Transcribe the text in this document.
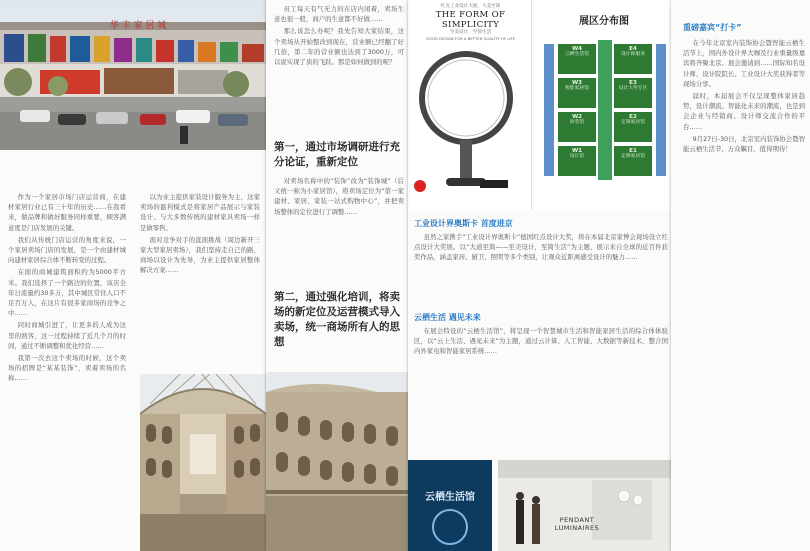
华 丰 家 居 城

作为一个家居市场门店运营商，在建材家居行业已有三十年的历史……在我看来，做品牌和做好服务同样重要，顾客满意度是门店发展的关键。

我们从传统门店运营的角度来说，一个家居卖场门店的发展，是一个由建材城向建材家居综合体不断转变的过程。

在面的商城建筑面积约为5000平方米。我们选择了一个路边的位置，该店全年日流量约30多万，其中城区常住人口不足百万人，在这片有很多家商场的竞争之中……

同时商城引进了，让更多的人成为这里的熟客，这一过程持续了近几个月的时间，通过不断调整和优化经营……

我第一次去这个卖场的时候，这个卖场的招牌是“某某装饰”，卖着卖场的名称……

以为业主提供家装设计服务为主，这家卖场的盈利模式是将家居产品展示与家装设计、与大多数传统的建材家具卖场一样是做零售。

面对竞争对手的直面挑战（周边新开三家大型家居卖场），我们坚持走自己的路，商场以设计为先导，为业主提供家居整体解决方案……

员工每天有气无力的在店内闲着，卖场生意也很一般，商户的生意都不好做……

那么该怎么办呢？我先告知大家结果，这个卖场从开始整改到现在，营业额已经翻了好几倍，第二年的营业额也达到了3000万，可以说实现了质的飞跃。那是如何做到的呢？

第一，通过市场调研进行充分论证，重新定位

对卖场名称中的“装饰”改为“装饰城”（后又统一称为小家居馆），将卖场定位为“第一家建材、家居、家装一站式购物中心”，并把卖场整体的定位进行了调整……

第二，通过强化培训，将卖场的新定位及运营模式导入卖场，统一商场所有人的思想
红点工业设计大展、大美至简
THE FORM OF SIMPLICITY
至美设计，至简生活
GOOD DESIGN FOR A BETTER QUALITY OF LIFE
展区分布图
W4
云栖生活馆
W3
智能家居馆
W2
软装馆
W1
设计馆
E4
设计师服务
E3
设计大奖专区
E2
定制家居馆
E1
定制家居馆
工业设计界奥斯卡 首度进京

虽然之家携手“工业设计界奥斯卡”德国红点设计大奖，将在本届北京家博会现场设立红点设计大奖展。以“大道至简——至美设计，至简生活”为主题，展示来自全球的近百件获奖作品，涵盖家居、厨卫、照明等多个类别，让观众近距离感受设计的魅力……

云栖生活 遇见未来

在展会特设的“云栖生活馆”，将呈现一个智慧城市生活和智能家居生活的综合体体验区，以“云上生活、遇见未来”为主题，通过云计算、人工智能、大数据等新技术，整合国内外家电和智能家居系统……

云栖生活馆
PENDANT LUMINAIRES
重磅嘉宾“打卡”

在今年北京室内装饰协会暨智能云栖生活节上，国内外设计界大咖及行业重量级嘉宾将齐聚北京。展会邀请到……国际知名设计师、设计院院长、工业设计大奖获得者等现场分享。

届时，本届展会不仅呈现整体家居趋势，设计潮流、智能化未来的潮流，也是到会企业与经销商、设计师交流合作的平台……

9月27日-30日，北京室内装饰协会暨智能云栖生活节，万众瞩目，值得期待！
